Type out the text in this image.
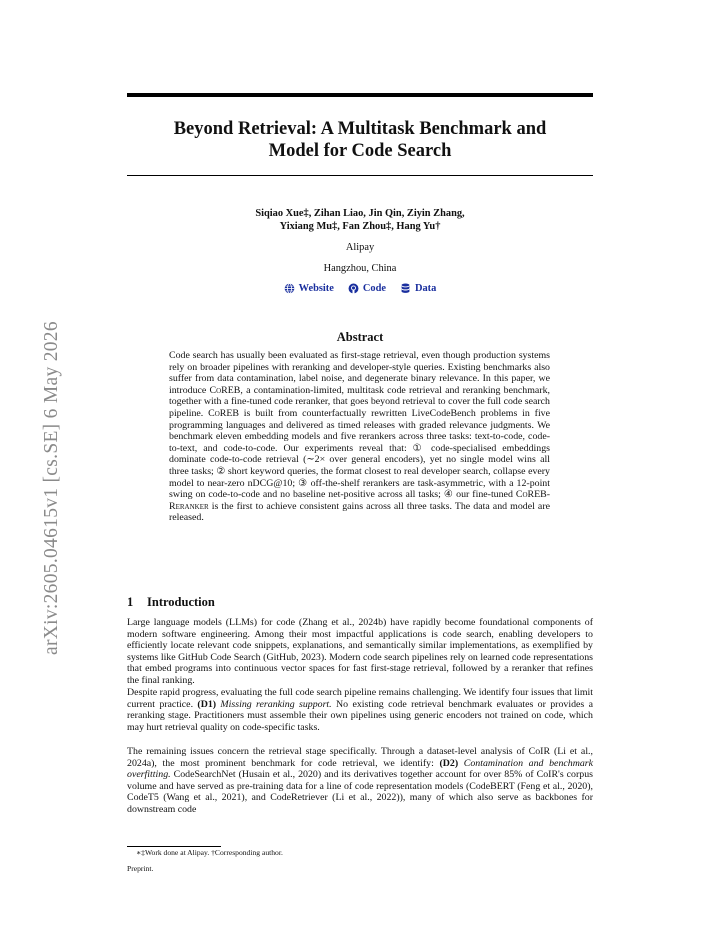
arXiv:2605.04615v1 [cs.SE] 6 May 2026
Beyond Retrieval: A Multitask Benchmark and
Model for Code Search
Siqiao Xue‡, Zihan Liao, Jin Qin, Ziyin Zhang,
Yixiang Mu‡, Fan Zhou‡, Hang Yu†
Alipay
Hangzhou, China
Website	Code	Data
Abstract
Code search has usually been evaluated as first-stage retrieval, even though production systems rely on broader pipelines with reranking and developer-style queries. Existing benchmarks also suffer from data contamination, label noise, and degenerate binary relevance. In this paper, we introduce CoREB, a contamination-limited, multitask code retrieval and reranking benchmark, together with a fine-tuned code reranker, that goes beyond retrieval to cover the full code search pipeline. CoREB is built from counterfactually rewritten LiveCodeBench problems in five programming languages and delivered as timed releases with graded relevance judgments. We benchmark eleven embedding models and five rerankers across three tasks: text-to-code, code-to-text, and code-to-code. Our experiments reveal that: ① code-specialised embeddings dominate code-to-code retrieval (∼2× over general encoders), yet no single model wins all three tasks; ② short keyword queries, the format closest to real developer search, collapse every model to near-zero nDCG@10; ③ off-the-shelf rerankers are task-asymmetric, with a 12-point swing on code-to-code and no baseline net-positive across all tasks; ④ our fine-tuned CoREB-Reranker is the first to achieve consistent gains across all three tasks. The data and model are released.
1 Introduction
Large language models (LLMs) for code (Zhang et al., 2024b) have rapidly become foundational components of modern software engineering. Among their most impactful applications is code search, enabling developers to efficiently locate relevant code snippets, explanations, and semantically similar implementations, as exemplified by systems like GitHub Code Search (GitHub, 2023). Modern code search pipelines rely on learned code representations that embed programs into continuous vector spaces for fast first-stage retrieval, followed by a reranker that refines the final ranking.
Despite rapid progress, evaluating the full code search pipeline remains challenging. We identify four issues that limit current practice. (D1) Missing reranking support. No existing code retrieval benchmark evaluates or provides a reranking stage. Practitioners must assemble their own pipelines using generic encoders not trained on code, which may hurt retrieval quality on code-specific tasks.
The remaining issues concern the retrieval stage specifically. Through a dataset-level analysis of CoIR (Li et al., 2024a), the most prominent benchmark for code retrieval, we identify: (D2) Contamination and benchmark overfitting. CodeSearchNet (Husain et al., 2020) and its derivatives together account for over 85% of CoIR's corpus volume and have served as pre-training data for a line of code representation models (CodeBERT (Feng et al., 2020), CodeT5 (Wang et al., 2021), and CodeRetriever (Li et al., 2022)), many of which also serve as backbones for downstream code
∗‡Work done at Alipay. †Corresponding author.
Preprint.
